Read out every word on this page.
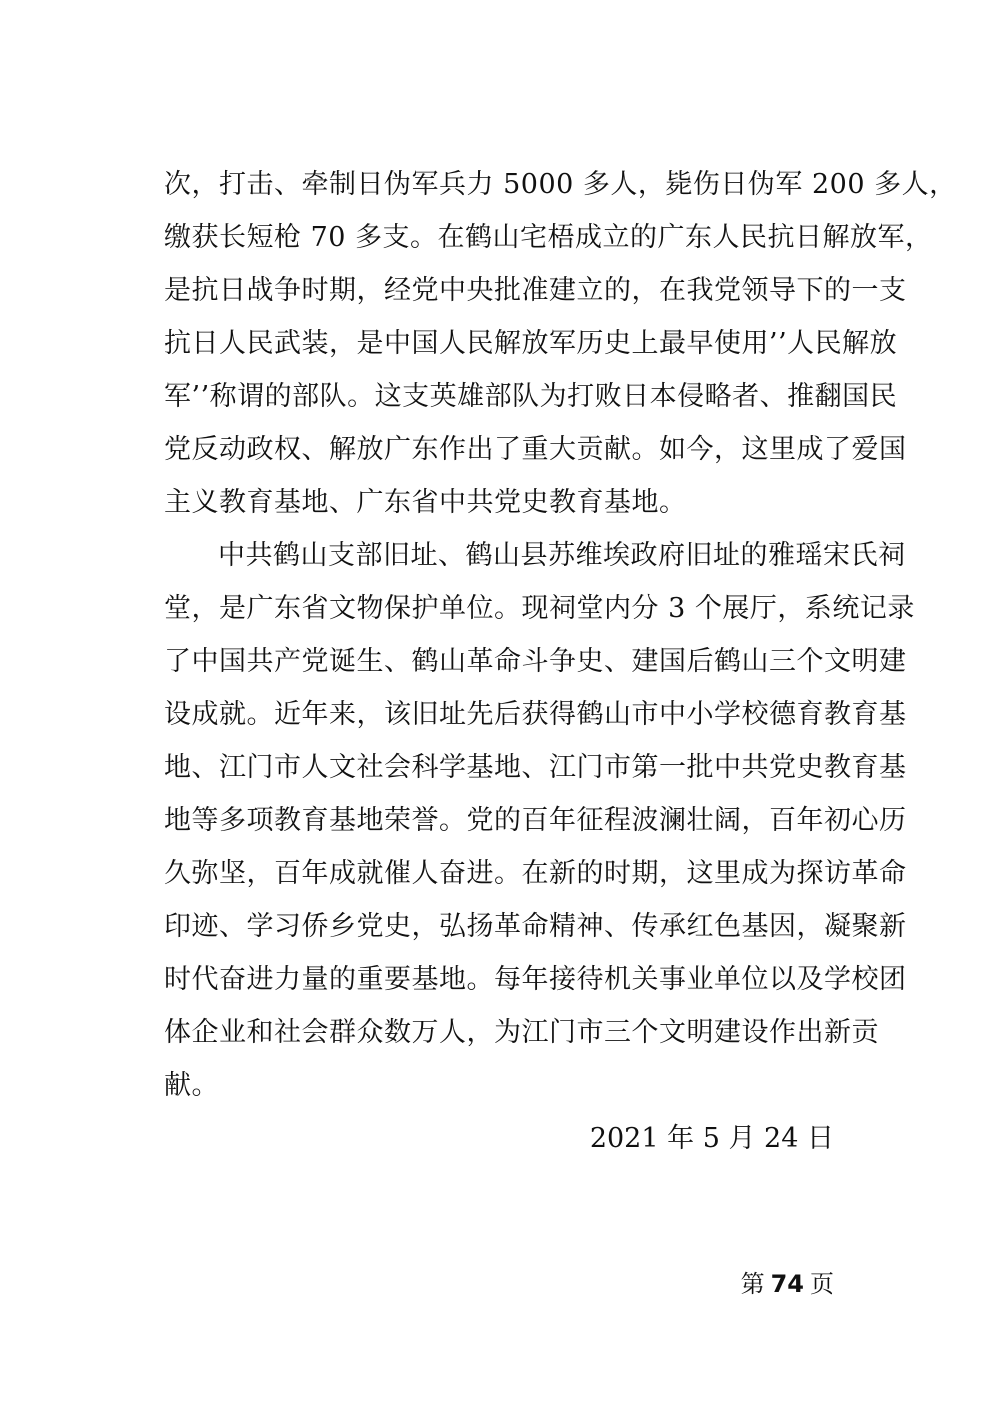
次，打击、牵制日伪军兵力 5000 多人，毙伤日伪军 200 多人，
缴获长短枪 70 多支。在鹤山宅梧成立的广东人民抗日解放军，
是抗日战争时期，经党中央批准建立的，在我党领导下的一支
抗日人民武装，是中国人民解放军历史上最早使用’’人民解放
军’’称谓的部队。这支英雄部队为打败日本侵略者、推翻国民
党反动政权、解放广东作出了重大贡献。如今，这里成了爱国
主义教育基地、广东省中共党史教育基地。
中共鹤山支部旧址、鹤山县苏维埃政府旧址的雅瑶宋氏祠
堂，是广东省文物保护单位。现祠堂内分 3 个展厅，系统记录
了中国共产党诞生、鹤山革命斗争史、建国后鹤山三个文明建
设成就。近年来，该旧址先后获得鹤山市中小学校德育教育基
地、江门市人文社会科学基地、江门市第一批中共党史教育基
地等多项教育基地荣誉。党的百年征程波澜壮阔，百年初心历
久弥坚，百年成就催人奋进。在新的时期，这里成为探访革命
印迹、学习侨乡党史，弘扬革命精神、传承红色基因，凝聚新
时代奋进力量的重要基地。每年接待机关事业单位以及学校团
体企业和社会群众数万人，为江门市三个文明建设作出新贡
献。
2021 年 5 月 24 日
第 74 页
